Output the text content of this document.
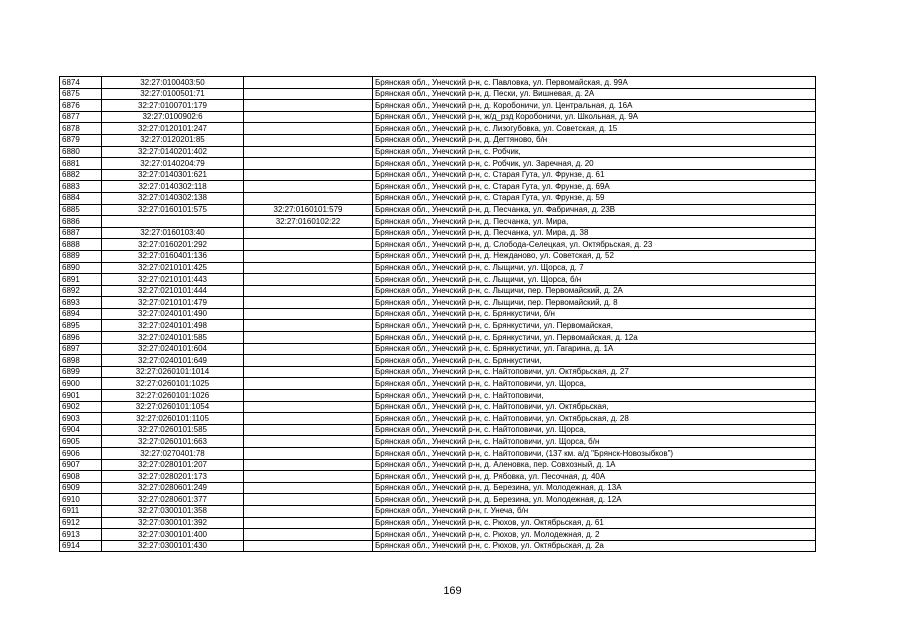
6874	32:27:0100403:50		Брянская обл., Унечский р-н, с. Павловка, ул. Первомайская, д. 99А
6875	32:27:0100501:71		Брянская обл., Унечский р-н, д. Пески, ул. Вишневая, д. 2А
6876	32:27:0100701:179		Брянская обл., Унечский р-н, д. Коробоничи, ул. Центральная, д. 16А
6877	32:27:0100902:6		Брянская обл., Унечский р-н, ж/д_рзд Коробоничи, ул. Школьная, д. 9А
6878	32:27:0120101:247		Брянская обл., Унечский р-н, с. Лизогубовка, ул. Советская, д. 15
6879	32:27:0120201:85		Брянская обл., Унечский р-н, д. Дегтяново, б/н
6880	32:27:0140201:402		Брянская обл., Унечский р-н, с. Робчик,
6881	32:27:0140204:79		Брянская обл., Унечский р-н, с. Робчик, ул. Заречная, д. 20
6882	32:27:0140301:621		Брянская обл., Унечский р-н, с. Старая Гута, ул. Фрунзе, д. 61
6883	32:27:0140302:118		Брянская обл., Унечский р-н, с. Старая Гута, ул. Фрунзе, д. 69А
6884	32:27:0140302:138		Брянская обл., Унечский р-н, с. Старая Гута, ул. Фрунзе, д. 59
6885	32:27:0160101:575	32:27:0160101:579	Брянская обл., Унечский р-н, д. Песчанка, ул. Фабричная, д. 23В
6886		32:27:0160102:22	Брянская обл., Унечский р-н, д. Песчанка, ул. Мира,
6887	32:27:0160103:40		Брянская обл., Унечский р-н, д. Песчанка, ул. Мира, д. 38
6888	32:27:0160201:292		Брянская обл., Унечский р-н, д. Слобода-Селецкая, ул. Октябрьская, д. 23
6889	32:27:0160401:136		Брянская обл., Унечский р-н, д. Неждановo, ул. Советская, д. 52
6890	32:27:0210101:425		Брянская обл., Унечский р-н, с. Лыщичи, ул. Щорса, д. 7
6891	32:27:0210101:443		Брянская обл., Унечский р-н, с. Лыщичи, ул. Щорса, б/н
6892	32:27:0210101:444		Брянская обл., Унечский р-н, с. Лыщичи, пер. Первомайский, д. 2А
6893	32:27:0210101:479		Брянская обл., Унечский р-н, с. Лыщичи, пер. Первомайский, д. 8
6894	32:27:0240101:490		Брянская обл., Унечский р-н, с. Брянкустичи, б/н
6895	32:27:0240101:498		Брянская обл., Унечский р-н, с. Брянкустичи, ул. Первомайская,
6896	32:27:0240101:585		Брянская обл., Унечский р-н, с. Брянкустичи, ул. Первомайская, д. 12а
6897	32:27:0240101:604		Брянская обл., Унечский р-н, с. Брянкустичи, ул. Гагарина, д. 1А
6898	32:27:0240101:649		Брянская обл., Унечский р-н, с. Брянкустичи,
6899	32:27:0260101:1014		Брянская обл., Унечский р-н, с. Найтоповичи, ул. Октябрьская, д. 27
6900	32:27:0260101:1025		Брянская обл., Унечский р-н, с. Найтоповичи, ул. Щорса,
6901	32:27:0260101:1026		Брянская обл., Унечский р-н, с. Найтоповичи,
6902	32:27:0260101:1054		Брянская обл., Унечский р-н, с. Найтоповичи, ул. Октябрьская,
6903	32:27:0260101:1105		Брянская обл., Унечский р-н, с. Найтоповичи, ул. Октябрьская, д. 28
6904	32:27:0260101:585		Брянская обл., Унечский р-н, с. Найтоповичи, ул. Щорса,
6905	32:27:0260101:663		Брянская обл., Унечский р-н, с. Найтоповичи, ул. Щорса, б/н
6906	32:27:0270401:78		Брянская обл., Унечский р-н, с. Найтоповичи, (137 км. а/д "Брянск-Новозыбков")
6907	32:27:0280101:207		Брянская обл., Унечский р-н, д. Аленовка, пер. Совхозный, д. 1А
6908	32:27:0280201:173		Брянская обл., Унечский р-н, д. Рябовка, ул. Песочная, д. 40А
6909	32:27:0280601:249		Брянская обл., Унечский р-н, д. Березина, ул. Молодежная, д. 13А
6910	32:27:0280601:377		Брянская обл., Унечский р-н, д. Березина, ул. Молодежная, д. 12А
6911	32:27:0300101:358		Брянская обл., Унечский р-н, г. Унеча, б/н
6912	32:27:0300101:392		Брянская обл., Унечский р-н, с. Рюхов, ул. Октябрьская, д. 61
6913	32:27:0300101:400		Брянская обл., Унечский р-н, с. Рюхов, ул. Молодежная, д. 2
6914	32:27:0300101:430		Брянская обл., Унечский р-н, с. Рюхов, ул. Октябрьская, д. 2а
169
